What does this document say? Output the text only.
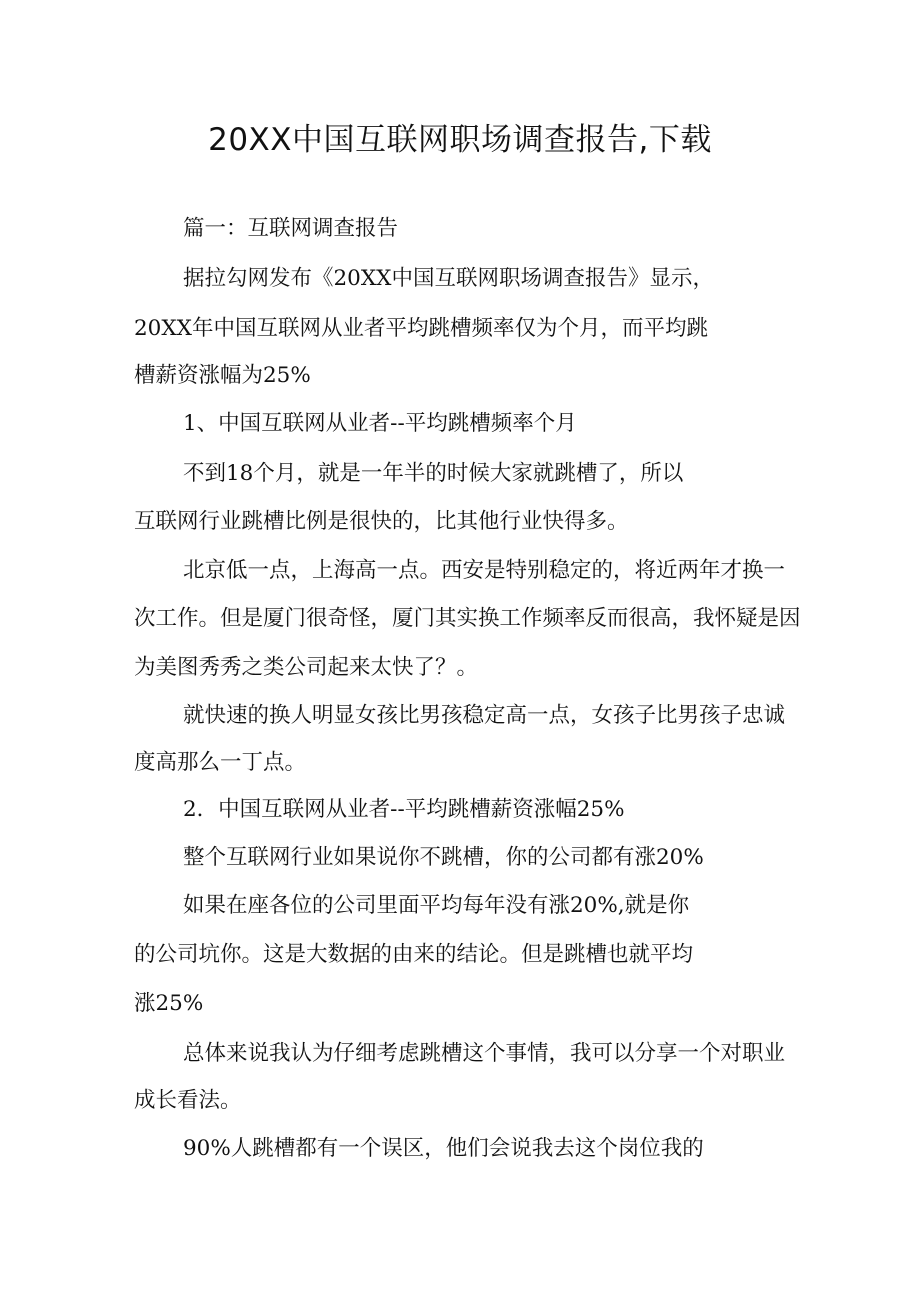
20XX中国互联网职场调查报告,下载
篇一：互联网调查报告
据拉勾网发布《20XX中国互联网职场调查报告》显示，
20XX年中国互联网从业者平均跳槽频率仅为个月，而平均跳
槽薪资涨幅为25%
1、中国互联网从业者--平均跳槽频率个月
不到18个月，就是一年半的时候大家就跳槽了，所以
互联网行业跳槽比例是很快的，比其他行业快得多。
北京低一点，上海高一点。西安是特别稳定的，将近两年才换一
次工作。但是厦门很奇怪，厦门其实换工作频率反而很高，我怀疑是因
为美图秀秀之类公司起来太快了？。
就快速的换人明显女孩比男孩稳定高一点，女孩子比男孩子忠诚
度高那么一丁点。
2．中国互联网从业者--平均跳槽薪资涨幅25%
整个互联网行业如果说你不跳槽，你的公司都有涨20%
如果在座各位的公司里面平均每年没有涨20%,就是你
的公司坑你。这是大数据的由来的结论。但是跳槽也就平均
涨25%
总体来说我认为仔细考虑跳槽这个事情，我可以分享一个对职业
成长看法。
90%人跳槽都有一个误区，他们会说我去这个岗位我的
